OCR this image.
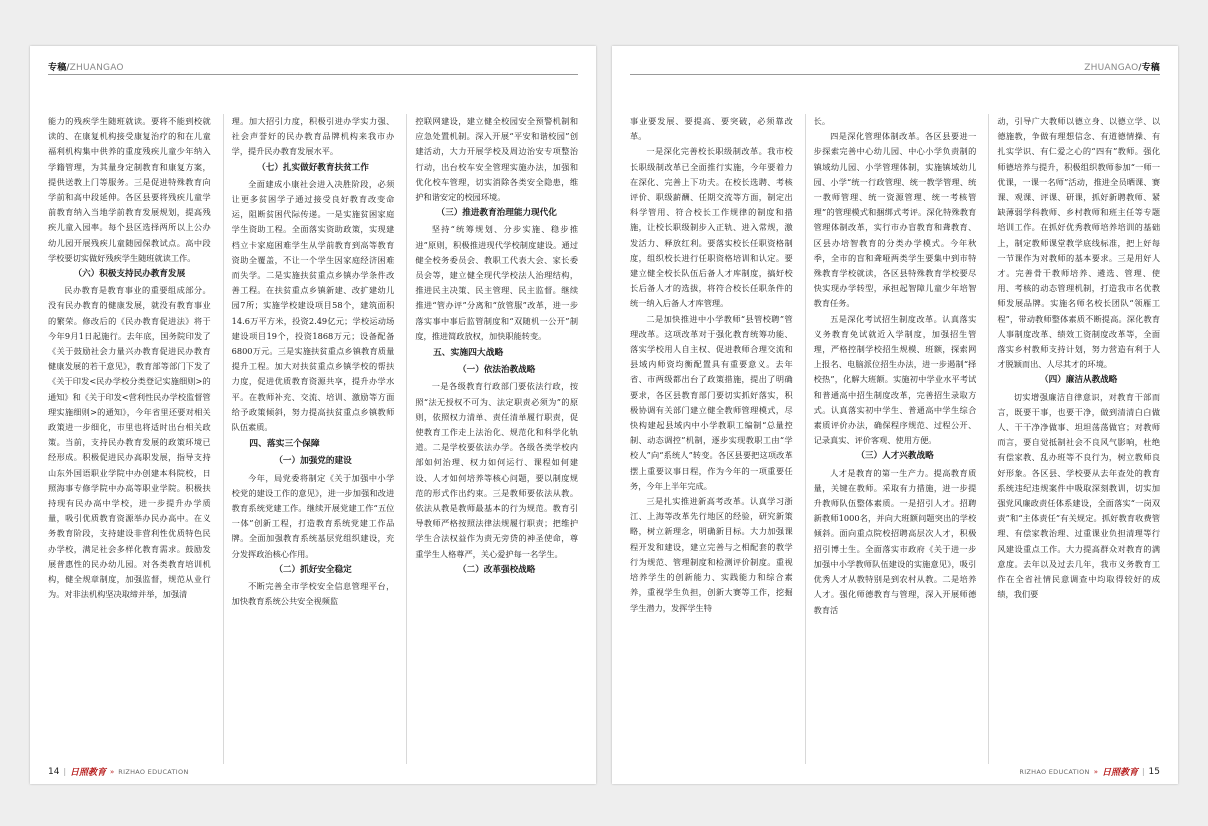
专稿/ZHUANGAO

能力的残疾学生随班就读。要将不能到校就读的、在康复机构接受康复治疗的和在儿童福利机构集中供养的重度残疾儿童少年纳入学籍管理，为其量身定制教育和康复方案，提供送教上门等服务。三是促进特殊教育向学前和高中段延伸。各区县要将残疾儿童学前教育纳入当地学前教育发展规划，提高残疾儿童入园率。每个县区选择两所以上公办幼儿园开展残疾儿童随园保教试点。高中段学校要切实做好残疾学生随班就读工作。

（六）积极支持民办教育发展

民办教育是教育事业的重要组成部分。没有民办教育的健康发展，就没有教育事业的繁荣。修改后的《民办教育促进法》将于今年9月1日起施行。去年底，国务院印发了《关于鼓励社会力量兴办教育促进民办教育健康发展的若干意见》，教育部等部门下发了《关于印发<民办学校分类登记实施细则>的通知》和《关于印发<营利性民办学校监督管理实施细则>的通知》，今年省里还要对相关政策进一步细化，市里也将适时出台相关政策。当前，支持民办教育发展的政策环境已经形成。积极促进民办高职发展，指导支持山东外国语职业学院中办创建本科院校，日照海事专修学院中办高等职业学院。积极扶持现有民办高中学校，进一步提升办学质量，吸引优质教育资源举办民办高中。在义务教育阶段，支持建设非营利性优质特色民办学校，满足社会多样化教育需求。鼓励发展普惠性的民办幼儿园。对各类教育培训机构，健全规章制度，加强监督，规范从业行为。对非法机构坚决取缔并举，加强清

理。加大招引力度，积极引进办学实力强、社会声誉好的民办教育品牌机构来我市办学，提升民办教育发展水平。

（七）扎实做好教育扶贫工作

全面建成小康社会进入决胜阶段，必须让更多贫困学子通过接受良好教育改变命运，阻断贫困代际传递。一是实施贫困家庭学生资助工程。全面落实资助政策，实现建档立卡家庭困难学生从学前教育到高等教育资助全覆盖，不让一个学生因家庭经济困难而失学。二是实施扶贫重点乡镇办学条件改善工程。在扶贫重点乡镇新建、改扩建幼儿园7所；实施学校建设项目58个，建筑面积14.6万平方米，投资2.49亿元；学校运动场建设项目19个，投资1868万元；设备配备6800万元。三是实施扶贫重点乡镇教育质量提升工程。加大对扶贫重点乡镇学校的帮扶力度，促进优质教育资源共享，提升办学水平。在教师补充、交流、培训、激励等方面给予政策倾斜，努力提高扶贫重点乡镇教师队伍素质。

四、落实三个保障
（一）加强党的建设

今年，局党委将制定《关于加强中小学校党的建设工作的意见》，进一步加强和改进教育系统党建工作。继续开展党建工作“五位一体”创新工程，打造教育系统党建工作品牌。全面加强教育系统基层党组织建设，充分发挥政治核心作用。

（二）抓好安全稳定

不断完善全市学校安全信息管理平台，加快教育系统公共安全视频监

控联网建设，建立健全校园安全预警机制和应急处置机制。深入开展“平安和谐校园”创建活动，大力开展学校及周边治安专项整治行动，出台校车安全管理实施办法，加强和优化校车管理，切实消除各类安全隐患，维护和谐安定的校园环境。

（三）推进教育治理能力现代化

坚持“统筹规划、分步实施、稳步推进”原则，积极推进现代学校制度建设。通过健全校务委员会、教职工代表大会、家长委员会等，建立健全现代学校法人治理结构，推进民主决策、民主管理、民主监督。继续推进“管办评”分离和“放管服”改革，进一步落实事中事后监管制度和“双随机一公开”制度，推进简政放权，加快职能转变。

五、实施四大战略
（一）依法治教战略

一是各级教育行政部门要依法行政，按照“法无授权不可为、法定职责必须为”的原则，依照权力清单、责任清单履行职责，促使教育工作走上法治化、规范化和科学化轨道。二是学校要依法办学。各级各类学校内部如何治理、权力如何运行、课程如何建设、人才如何培养等核心问题，要以制度规范的形式作出约束。三是教师要依法从教。依法从教是教师最基本的行为规范。教育引导教师严格按照法律法规履行职责；把维护学生合法权益作为责无旁贷的神圣使命，尊重学生人格尊严，关心爱护每一名学生。

（二）改革强校战略
14 | 日照教育 » RIZHAO EDUCATION
ZHUANGAO/专稿

事业要发展、要提高、要突破，必须靠改革。

一是深化完善校长职级制改革。我市校长职级制改革已全面推行实施，今年要着力在深化、完善上下功夫。在校长选聘、考核评价、职级薪酬、任期交流等方面，制定出科学管用、符合校长工作规律的制度和措施，让校长职级制步入正轨、进入常规，激发活力、释放红利。要落实校长任职资格制度，组织校长进行任职资格培训和认定。要建立健全校长队伍后备人才库制度，搞好校长后备人才的选拔，将符合校长任职条件的统一纳入后备人才库管理。

二是加快推进中小学教师“县管校聘”管理改革。这项改革对于强化教育统筹功能、落实学校用人自主权、促进教师合理交流和县域内师资均衡配置具有重要意义。去年省、市两级都出台了政策措施，提出了明确要求，各区县教育部门要切实抓好落实，积极协调有关部门建立健全教师管理模式，尽快构建起县域内中小学教职工编制“总量控制、动态调控”机制，逐步实现教职工由“学校人”向“系统人”转变。各区县要把这项改革摆上重要议事日程，作为今年的一项重要任务，今年上半年完成。

三是扎实推进新高考改革。认真学习浙江、上海等改革先行地区的经验，研究新策略，树立新理念，明确新目标。大力加强课程开发和建设，建立完善与之相配套的教学行为规范、管理制度和检测评价制度。重视培养学生的创新能力、实践能力和综合素养，重视学生负担，创新大赛等工作，挖掘学生潜力，发挥学生特

长。

四是深化管理体制改革。各区县要进一步探索完善中心幼儿园、中心小学负责制的镇域幼儿园、小学管理体制，实施镇域幼儿园、小学“统一行政管理、统一教学管理、统一教师管理、统一资源管理、统一考核管理”的管理模式和捆绑式考评。深化特殊教育管理体制改革，实行市办盲教育和聋教育、区县办培智教育的分类办学模式。今年秋季，全市的盲和聋哑两类学生要集中到市特殊教育学校就读，各区县特殊教育学校要尽快实现办学转型，承担起智障儿童少年培智教育任务。

五是深化考试招生制度改革。认真落实义务教育免试就近入学制度，加强招生管理，严格控制学校招生规模、班额，探索网上报名、电脑派位招生办法，进一步遏制“择校热”，化解大班额。实施初中学业水平考试和普通高中招生制度改革，完善招生录取方式。认真落实初中学生、普通高中学生综合素质评价办法，确保程序规范、过程公开、记录真实、评价客观、使用方便。

（三）人才兴教战略

人才是教育的第一生产力。提高教育质量，关键在教师。采取有力措施，进一步提升教师队伍整体素质。一是招引人才。招聘新教师1000名，并向大班额问题突出的学校倾斜。面向重点院校招聘高层次人才，积极招引博士生。全面落实市政府《关于进一步加强中小学教师队伍建设的实施意见》，吸引优秀人才从教特别是到农村从教。二是培养人才。强化师德教育与管理，深入开展师德教育活

动，引导广大教师以德立身、以德立学、以德施教，争做有理想信念、有道德情操、有扎实学识、有仁爱之心的“四有”教师。强化师德培养与提升，积极组织教师参加“一师一优课，一课一名师”活动，推进全员晒课、赛课、观课、评课、研课，抓好新聘教师、紧缺薄弱学科教师、乡村教师和班主任等专题培训工作。在抓好优秀教师培养培训的基础上，制定教师课堂教学底线标准，把上好每一节课作为对教师的基本要求。三是用好人才。完善骨干教师培养、遴选、管理、使用、考核的动态管理机制，打造我市名优教师发展品牌。实施名师名校长团队“领雁工程”，带动教师整体素质不断提高。深化教育人事制度改革、绩效工资制度改革等，全面落实乡村教师支持计划，努力营造有利于人才脱颖而出、人尽其才的环境。

（四）廉洁从教战略

切实增强廉洁自律意识，对教育干部而言，既要干事，也要干净，做到清清白白做人、干干净净做事、坦坦荡荡做官；对教师而言，要自觉抵制社会不良风气影响，杜绝有偿家教、乱办班等不良行为，树立教师良好形象。各区县、学校要从去年查处的教育系统违纪违规案件中吸取深刻教训，切实加强党风廉政责任体系建设，全面落实“一岗双责”和“主体责任”有关规定。抓好教育收费管理、有偿家教治理、过重课业负担清理等行风建设重点工作。大力提高群众对教育的满意度。去年以及过去几年，我市义务教育工作在全省社情民意调查中均取得较好的成绩，我们要

RIZHAO EDUCATION » 日照教育 | 15
